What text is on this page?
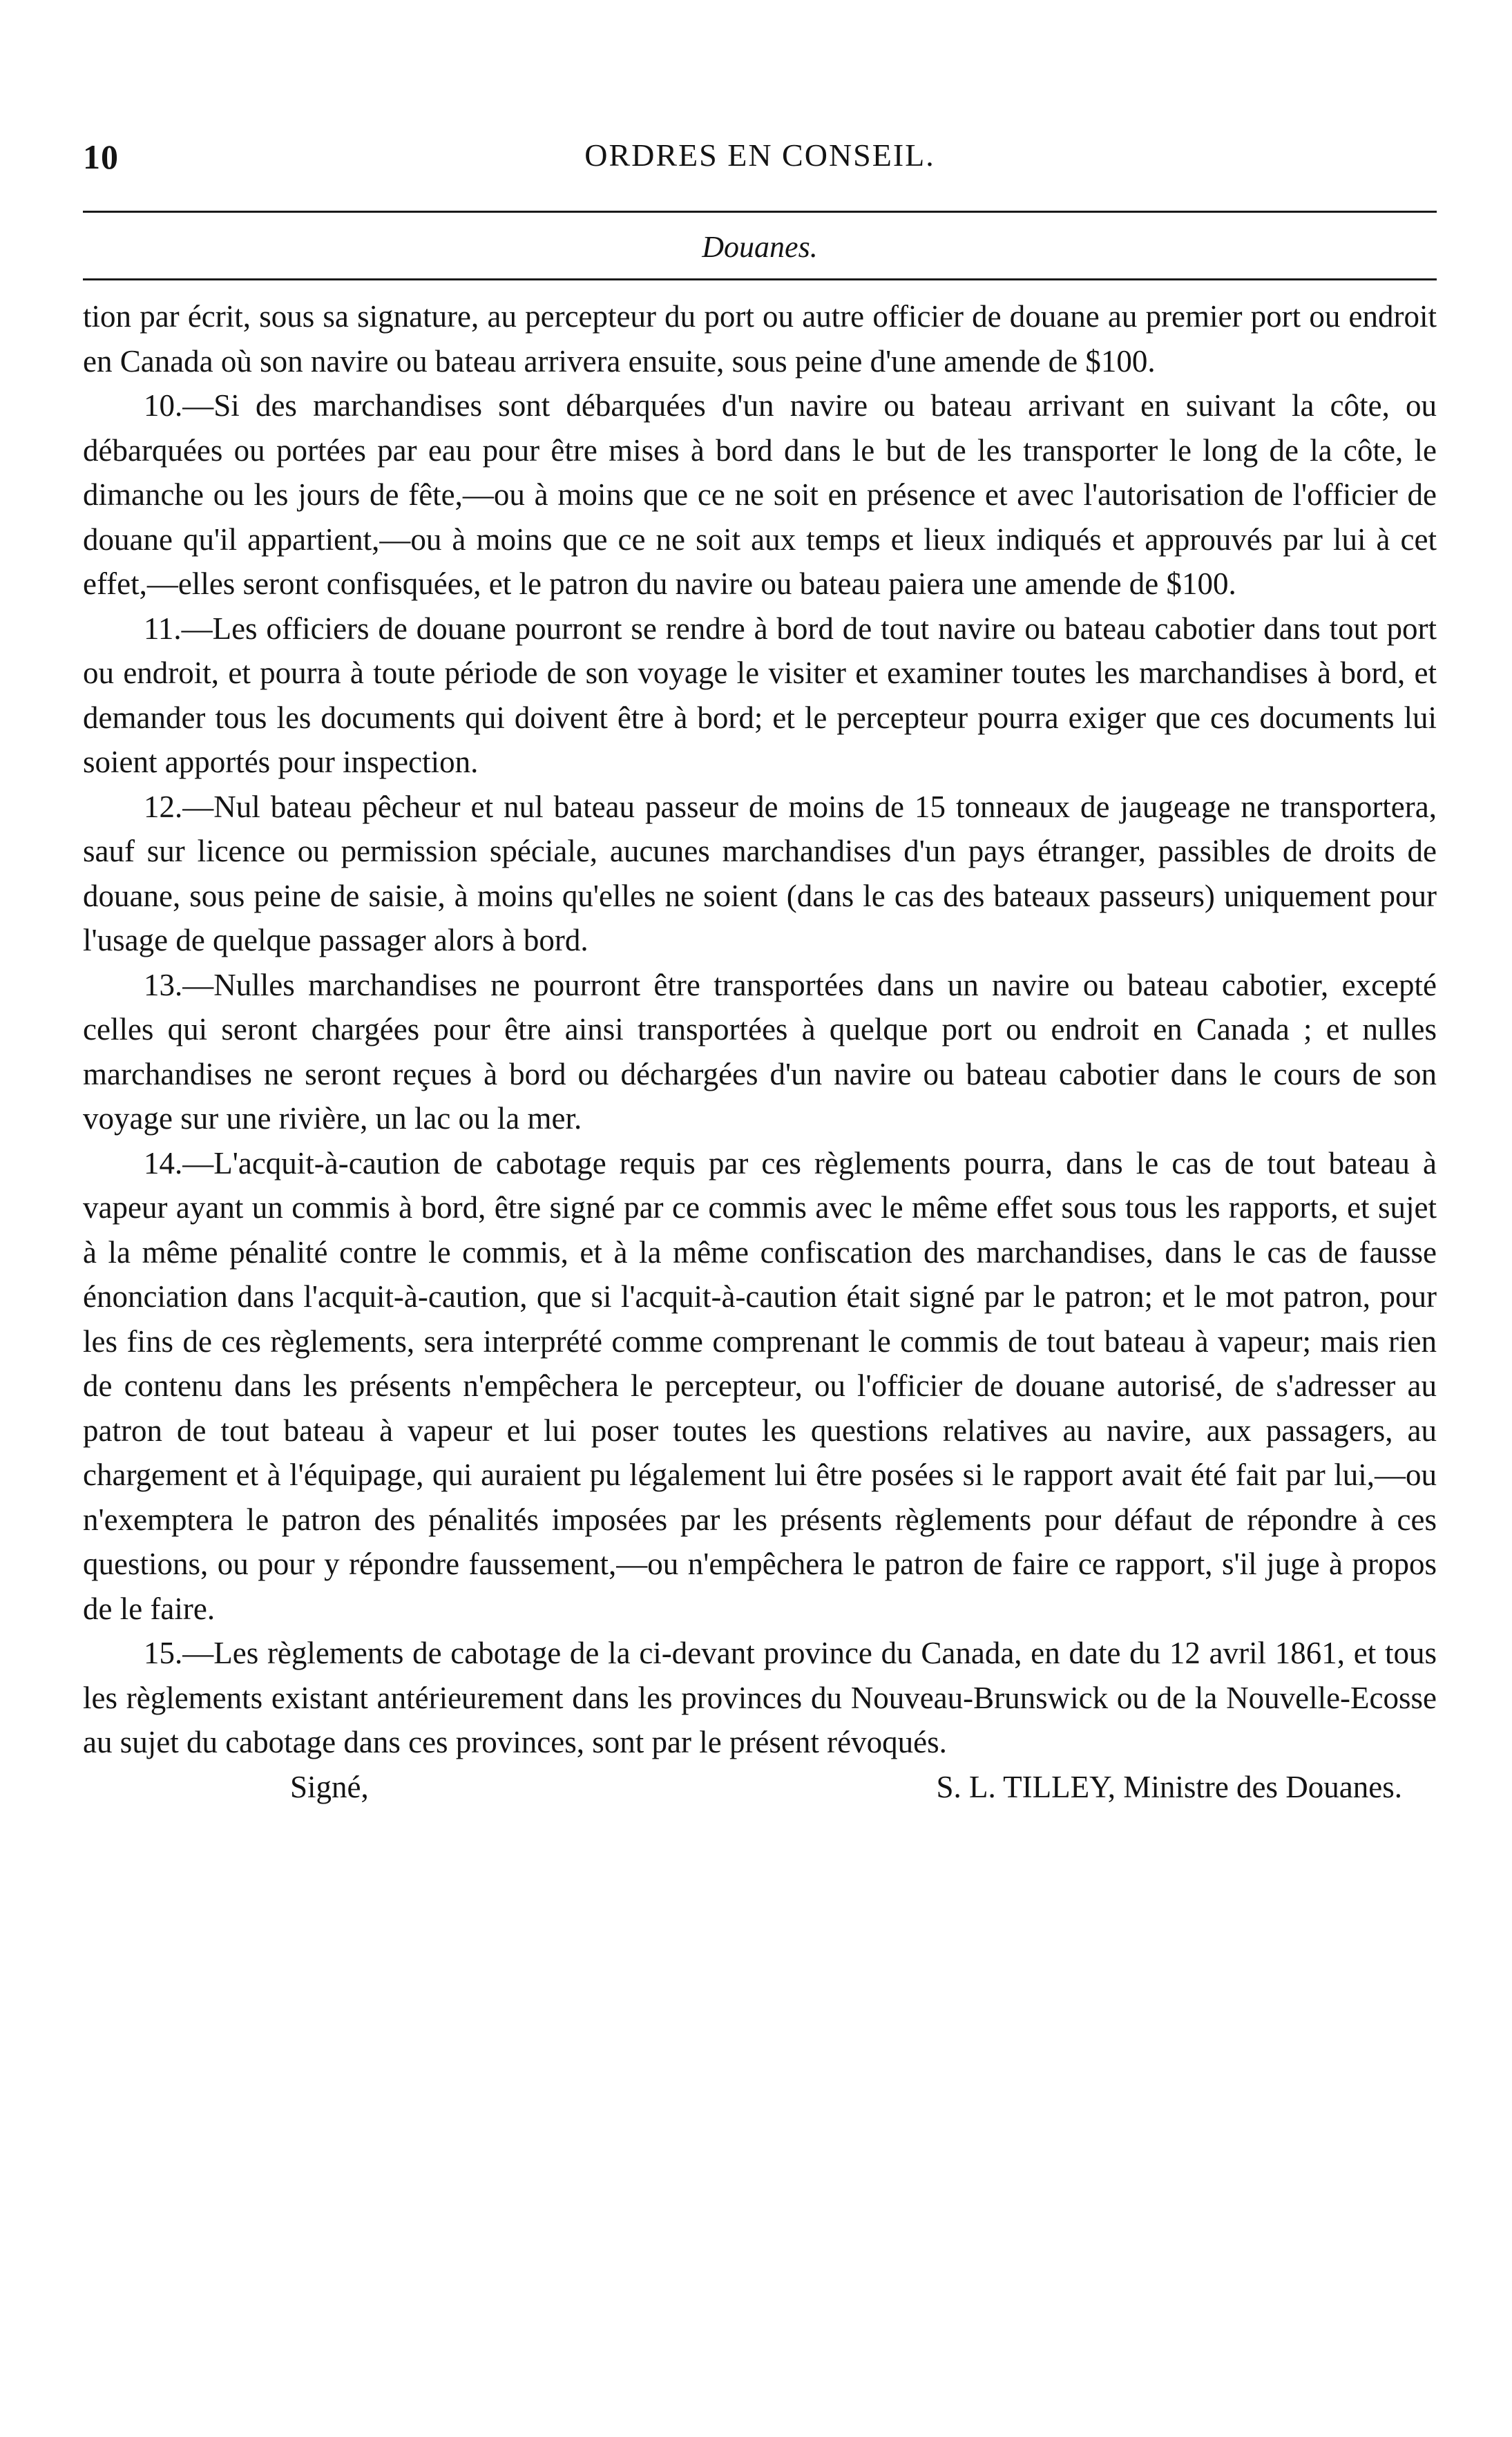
10	ORDRES EN CONSEIL.
Douanes.

tion par écrit, sous sa signature, au percepteur du port ou autre officier de douane au premier port ou endroit en Canada où son navire ou bateau arrivera ensuite, sous peine d'une amende de $100.

10.—Si des marchandises sont débarquées d'un navire ou bateau arrivant en suivant la côte, ou débarquées ou portées par eau pour être mises à bord dans le but de les transporter le long de la côte, le dimanche ou les jours de fête,—ou à moins que ce ne soit en présence et avec l'autorisation de l'officier de douane qu'il appartient,—ou à moins que ce ne soit aux temps et lieux indiqués et approuvés par lui à cet effet,—elles seront confisquées, et le patron du navire ou bateau paiera une amende de $100.

11.—Les officiers de douane pourront se rendre à bord de tout navire ou bateau cabotier dans tout port ou endroit, et pourra à toute période de son voyage le visiter et examiner toutes les marchandises à bord, et demander tous les documents qui doivent être à bord; et le percepteur pourra exiger que ces documents lui soient apportés pour inspection.

12.—Nul bateau pêcheur et nul bateau passeur de moins de 15 tonneaux de jaugeage ne transportera, sauf sur licence ou permission spéciale, aucunes marchandises d'un pays étranger, passibles de droits de douane, sous peine de saisie, à moins qu'elles ne soient (dans le cas des bateaux passeurs) uniquement pour l'usage de quelque passager alors à bord.

13.—Nulles marchandises ne pourront être transportées dans un navire ou bateau cabotier, excepté celles qui seront chargées pour être ainsi transportées à quelque port ou endroit en Canada ; et nulles marchandises ne seront reçues à bord ou déchargées d'un navire ou bateau cabotier dans le cours de son voyage sur une rivière, un lac ou la mer.

14.—L'acquit-à-caution de cabotage requis par ces règlements pourra, dans le cas de tout bateau à vapeur ayant un commis à bord, être signé par ce commis avec le même effet sous tous les rapports, et sujet à la même pénalité contre le commis, et à la même confiscation des marchandises, dans le cas de fausse énonciation dans l'acquit-à-caution, que si l'acquit-à-caution était signé par le patron; et le mot patron, pour les fins de ces règlements, sera interprété comme comprenant le commis de tout bateau à vapeur; mais rien de contenu dans les présents n'empêchera le percepteur, ou l'officier de douane autorisé, de s'adresser au patron de tout bateau à vapeur et lui poser toutes les questions relatives au navire, aux passagers, au chargement et à l'équipage, qui auraient pu légalement lui être posées si le rapport avait été fait par lui,—ou n'exemptera le patron des pénalités imposées par les présents règlements pour défaut de répondre à ces questions, ou pour y répondre faussement,—ou n'empêchera le patron de faire ce rapport, s'il juge à propos de le faire.

15.—Les règlements de cabotage de la ci-devant province du Canada, en date du 12 avril 1861, et tous les règlements existant antérieurement dans les provinces du Nouveau-Brunswick ou de la Nouvelle-Ecosse au sujet du cabotage dans ces provinces, sont par le présent révoqués.

Signé,	S. L. TILLEY, Ministre des Douanes.
